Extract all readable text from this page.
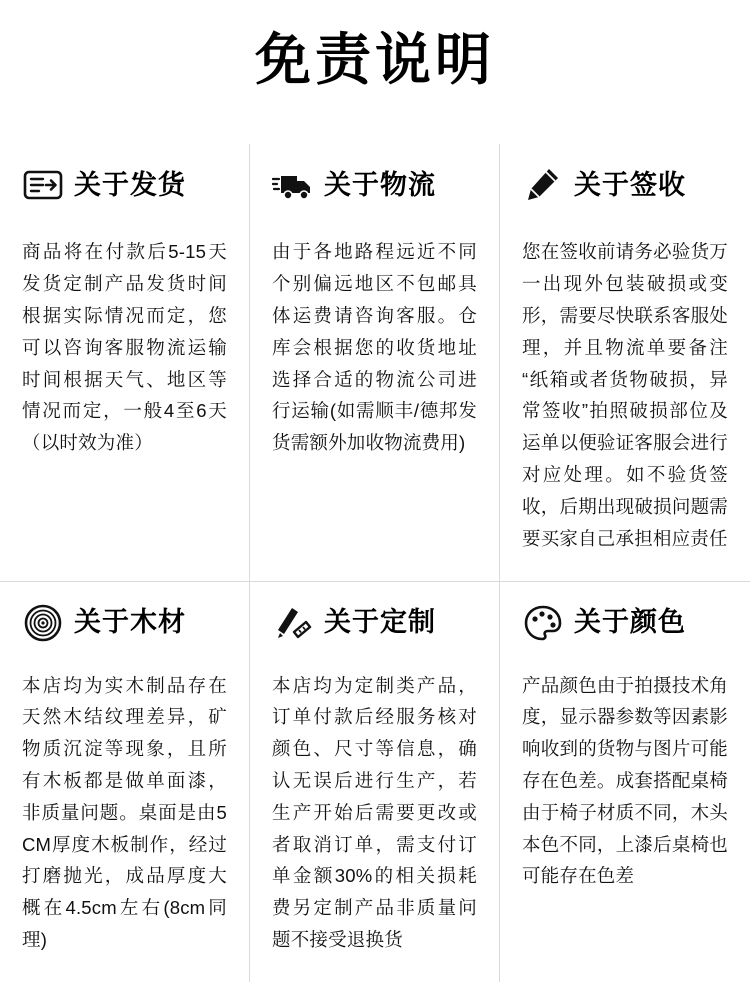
免责说明
关于发货
商品将在付款后5-15天发货定制产品发货时间根据实际情况而定，您可以咨询客服物流运输时间根据天气、地区等情况而定，一般4至6天（以时效为准）
关于物流
由于各地路程远近不同个别偏远地区不包邮具体运费请咨询客服。仓库会根据您的收货地址选择合适的物流公司进行运输(如需顺丰/德邦发货需额外加收物流费用)
关于签收
您在签收前请务必验货万一出现外包装破损或变形，需要尽快联系客服处理，并且物流单要备注“纸箱或者货物破损，异常签收”拍照破损部位及运单以便验证客服会进行对应处理。如不验货签收，后期出现破损问题需要买家自己承担相应责任
关于木材
本店均为实木制品存在天然木结纹理差异，矿物质沉淀等现象，且所有木板都是做单面漆，非质量问题。桌面是由5CM厚度木板制作，经过打磨抛光，成品厚度大概在4.5cm左右(8cm同理)
关于定制
本店均为定制类产品，订单付款后经服务核对颜色、尺寸等信息，确认无误后进行生产，若生产开始后需要更改或者取消订单，需支付订单金额30%的相关损耗费另定制产品非质量问题不接受退换货
关于颜色
产品颜色由于拍摄技术角度，显示器参数等因素影响收到的货物与图片可能存在色差。成套搭配桌椅由于椅子材质不同，木头本色不同，上漆后桌椅也可能存在色差
